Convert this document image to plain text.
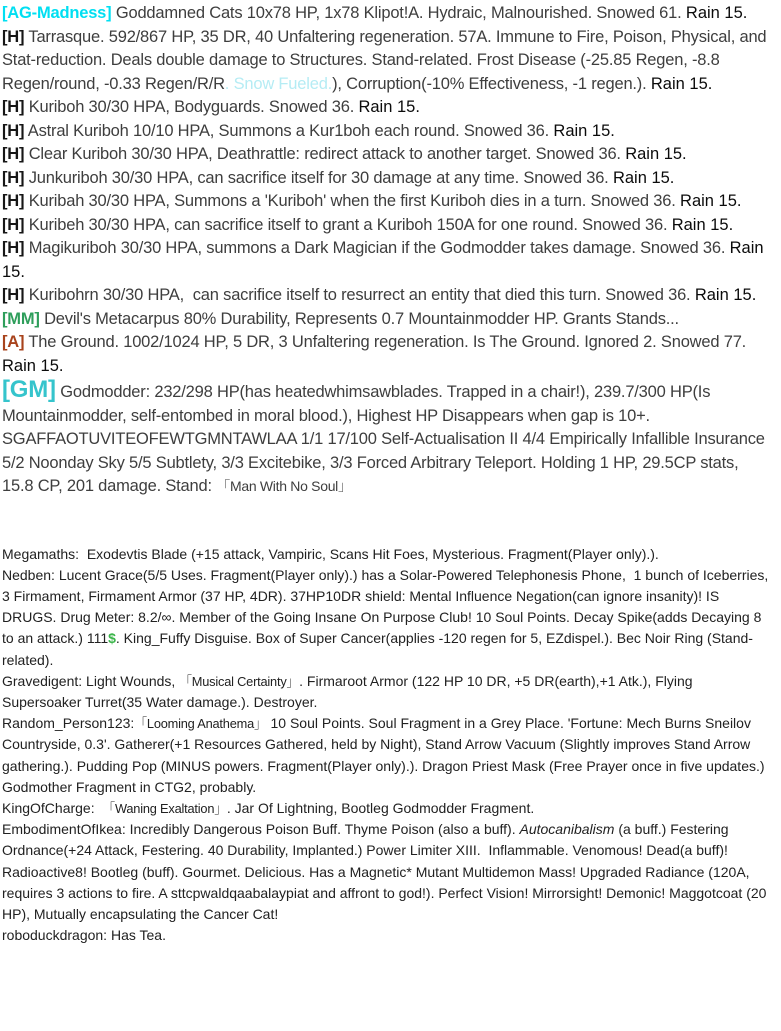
[AG-Madness] Goddamned Cats 10x78 HP, 1x78 Klipot!A. Hydraic, Malnourished. Snowed 61. Rain 15.

[H] Tarrasque. 592/867 HP, 35 DR, 40 Unfaltering regeneration. 57A. Immune to Fire, Poison, Physical, and Stat-reduction. Deals double damage to Structures. Stand-related. Frost Disease (-25.85 Regen, -8.8 Regen/round, -0.33 Regen/R/R. Snow Fueled.), Corruption(-10% Effectiveness, -1 regen.). Rain 15.

[H] Kuriboh 30/30 HPA, Bodyguards. Snowed 36. Rain 15.

[H] Astral Kuriboh 10/10 HPA, Summons a Kur1boh each round. Snowed 36. Rain 15.

[H] Clear Kuriboh 30/30 HPA, Deathrattle: redirect attack to another target. Snowed 36. Rain 15.

[H] Junkuriboh 30/30 HPA, can sacrifice itself for 30 damage at any time. Snowed 36. Rain 15.

[H] Kuribah 30/30 HPA, Summons a 'Kuriboh' when the first Kuriboh dies in a turn. Snowed 36. Rain 15.

[H] Kuribeh 30/30 HPA, can sacrifice itself to grant a Kuriboh 150A for one round. Snowed 36. Rain 15.

[H] Magikuriboh 30/30 HPA, summons a Dark Magician if the Godmodder takes damage. Snowed 36. Rain 15.

[H] Kuribohrn 30/30 HPA,  can sacrifice itself to resurrect an entity that died this turn. Snowed 36. Rain 15.

[MM] Devil's Metacarpus 80% Durability, Represents 0.7 Mountainmodder HP. Grants Stands...

[A] The Ground. 1002/1024 HP, 5 DR, 3 Unfaltering regeneration. Is The Ground. Ignored 2. Snowed 77. Rain 15.

[GM] Godmodder: 232/298 HP(has heatedwhimsawblades. Trapped in a chair!), 239.7/300 HP(Is Mountainmodder, self-entombed in moral blood.), Highest HP Disappears when gap is 10+.  SGAFFAOTUVITEOFEWTGMNTAWLAA 1/1 17/100 Self-Actualisation II 4/4 Empirically Infallible Insurance  5/2 Noonday Sky 5/5 Subtlety, 3/3 Excitebike, 3/3 Forced Arbitrary Teleport. Holding 1 HP, 29.5CP stats, 15.8 CP, 201 damage. Stand: 「Man With No Soul」

Megamaths:  Exodevtis Blade (+15 attack, Vampiric, Scans Hit Foes, Mysterious. Fragment(Player only).).

Nedben: Lucent Grace(5/5 Uses. Fragment(Player only).) has a Solar-Powered Telephonesis Phone,  1 bunch of Iceberries, 3 Firmament, Firmament Armor (37 HP, 4DR). 37HP10DR shield: Mental Influence Negation(can ignore insanity)! IS DRUGS. Drug Meter: 8.2/∞. Member of the Going Insane On Purpose Club! 10 Soul Points. Decay Spike(adds Decaying 8 to an attack.) 111$. King_Fuffy Disguise. Box of Super Cancer(applies -120 regen for 5, EZdispel.). Bec Noir Ring (Stand-related).

Gravedigent: Light Wounds, 「Musical Certainty」. Firmaroot Armor (122 HP 10 DR, +5 DR(earth),+1 Atk.), Flying Supersoaker Turret(35 Water damage.). Destroyer.

Random_Person123:「Looming Anathema」 10 Soul Points. Soul Fragment in a Grey Place. 'Fortune: Mech Burns Sneilov Countryside, 0.3'. Gatherer(+1 Resources Gathered, held by Night), Stand Arrow Vacuum (Slightly improves Stand Arrow gathering.). Pudding Pop (MINUS powers. Fragment(Player only).). Dragon Priest Mask (Free Prayer once in five updates.) Godmother Fragment in CTG2, probably.

KingOfCharge:  「Waning Exaltation」. Jar Of Lightning, Bootleg Godmodder Fragment.

EmbodimentOfIkea: Incredibly Dangerous Poison Buff. Thyme Poison (also a buff). Autocanibalism (a buff.) Festering Ordnance(+24 Attack, Festering. 40 Durability, Implanted.) Power Limiter XIII.  Inflammable. Venomous! Dead(a buff)! Radioactive8! Bootleg (buff). Gourmet. Delicious. Has a Magnetic* Mutant Multidemon Mass! Upgraded Radiance (120A, requires 3 actions to fire. A sttcpwaldqaabalaypiat and affront to god!). Perfect Vision! Mirrorsight! Demonic! Maggotcoat (20 HP), Mutually encapsulating the Cancer Cat!

roboduckdragon: Has Tea.
